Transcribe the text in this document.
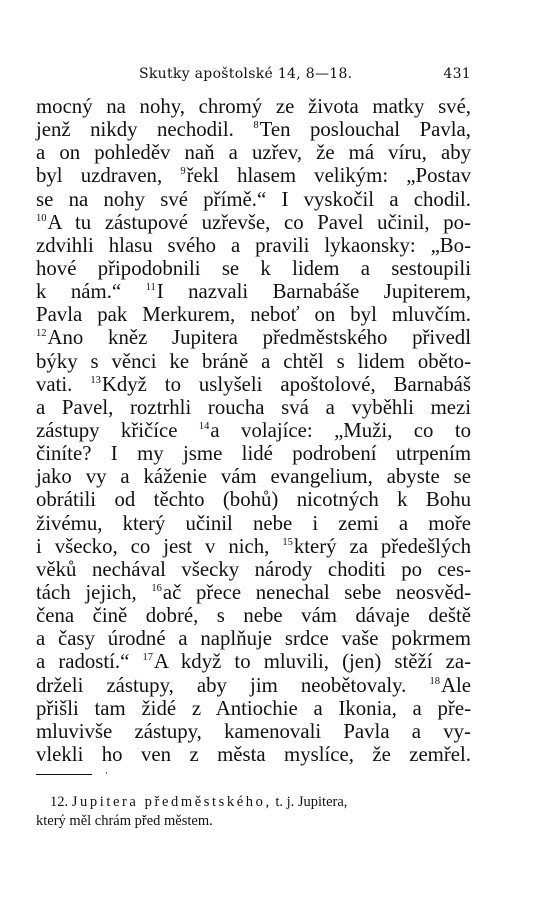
Skutky apoštolské 14, 8—18.	431
mocný na nohy, chromý ze života matky své,
jenž nikdy nechodil. $^8$Ten poslouchal Pavla,
a on pohleděv naň a uzřev, že má víru, aby
byl uzdraven, $^9$řekl hlasem velikým: „Postav
se na nohy své přímě.“ I vyskočil a chodil.
$^{10}$A tu zástupové uzřevše, co Pavel učinil, po-
zdvihli hlasu svého a pravili lykaonsky: „Bo-
hové připodobnili se k lidem a sestoupili
k nám.“ $^{11}$I nazvali Barnabáše Jupiterem,
Pavla pak Merkurem, neboť on byl mluvčím.
$^{12}$Ano kněz Jupitera předměstského přivedl
býky s věnci ke bráně a chtěl s lidem oběto-
vati. $^{13}$Když to uslyšeli apoštolové, Barnabáš
a Pavel, roztrhli roucha svá a vyběhli mezi
zástupy křičíce $^{14}$a volajíce: „Muži, co to
činíte? I my jsme lidé podrobení utrpením
jako vy a káženie vám evangelium, abyste se
obrátili od těchto (bohů) nicotných k Bohu
živému, který učinil nebe i zemi a moře
i všecko, co jest v nich, $^{15}$který za předešlých
věků nechával všecky národy choditi po ces-
tách jejich, $^{16}$ač přece nenechal sebe neosvěd-
čena čině dobré, s nebe vám dávaje deště
a časy úrodné a naplňuje srdce vaše pokrmem
a radostí.“ $^{17}$A když to mluvili, (jen) stěží za-
drželi zástupy, aby jim neobětovaly. $^{18}$Ale
přišli tam židé z Antiochie a Ikonia, a pře-
mluvivše zástupy, kamenovali Pavla a vy-
vlekli ho ven z města myslíce, že zemřel.
ˌ
12. Jupitera předměstského, t. j. Jupitera,
který měl chrám před městem.
